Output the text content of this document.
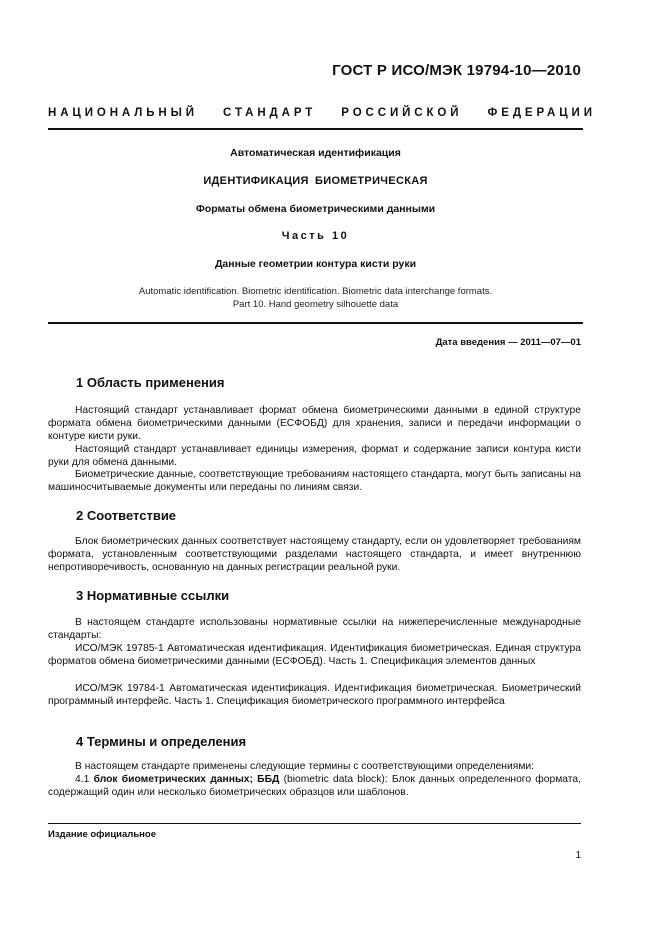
ГОСТ Р ИСО/МЭК 19794-10—2010
НАЦИОНАЛЬНЫЙ СТАНДАРТ РОССИЙСКОЙ ФЕДЕРАЦИИ
Автоматическая идентификация
ИДЕНТИФИКАЦИЯ БИОМЕТРИЧЕСКАЯ
Форматы обмена биометрическими данными
Часть 10
Данные геометрии контура кисти руки
Automatic identification. Biometric identification. Biometric data interchange formats.
Part 10. Hand geometry silhouette data
Дата введения — 2011—07—01
1 Область применения

Настоящий стандарт устанавливает формат обмена биометрическими данными в единой структуре формата обмена биометрическими данными (ЕСФОБД) для хранения, записи и передачи информации о контуре кисти руки.

Настоящий стандарт устанавливает единицы измерения, формат и содержание записи контура кисти руки для обмена данными.

Биометрические данные, соответствующие требованиям настоящего стандарта, могут быть записаны на машиносчитываемые документы или переданы по линиям связи.

2 Соответствие

Блок биометрических данных соответствует настоящему стандарту, если он удовлетворяет требованиям формата, установленным соответствующими разделами настоящего стандарта, и имеет внутреннюю непротиворечивость, основанную на данных регистрации реальной руки.

3 Нормативные ссылки

В настоящем стандарте использованы нормативные ссылки на нижеперечисленные международные стандарты:

ИСО/МЭК 19785-1 Автоматическая идентификация. Идентификация биометрическая. Единая структура форматов обмена биометрическими данными (ЕСФОБД). Часть 1. Спецификация элементов данных

ИСО/МЭК 19784-1 Автоматическая идентификация. Идентификация биометрическая. Биометрический программный интерфейс. Часть 1. Спецификация биометрического программного интерфейса

4 Термины и определения

В настоящем стандарте применены следующие термины с соответствующими определениями:

4.1 блок биометрических данных; ББД (biometric data block): Блок данных определенного формата, содержащий один или несколько биометрических образцов или шаблонов.

Издание официальное
1
